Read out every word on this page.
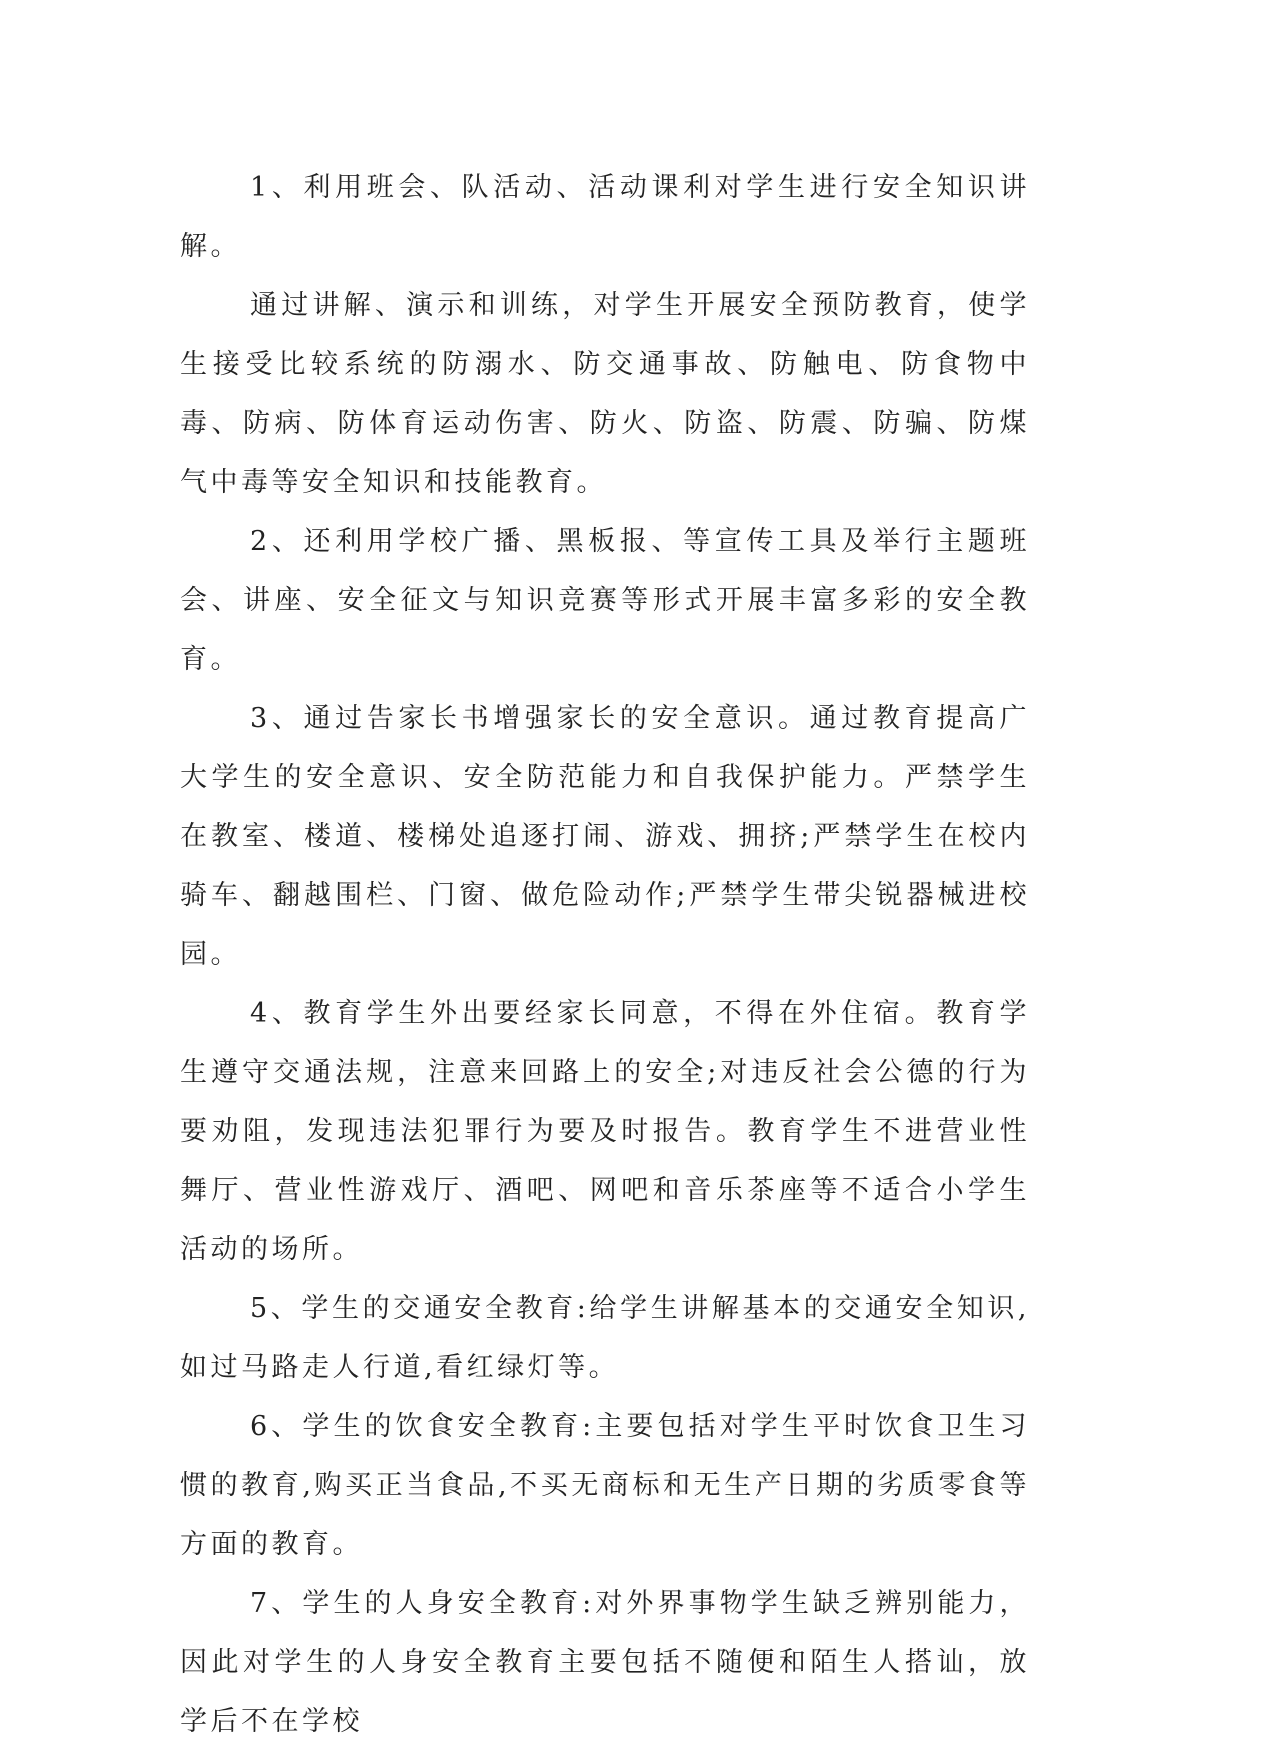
1、利用班会、队活动、活动课利对学生进行安全知识讲解。

通过讲解、演示和训练，对学生开展安全预防教育，使学生接受比较系统的防溺水、防交通事故、防触电、防食物中毒、防病、防体育运动伤害、防火、防盗、防震、防骗、防煤气中毒等安全知识和技能教育。

2、还利用学校广播、黑板报、等宣传工具及举行主题班会、讲座、安全征文与知识竞赛等形式开展丰富多彩的安全教育。

3、通过告家长书增强家长的安全意识。通过教育提高广大学生的安全意识、安全防范能力和自我保护能力。严禁学生在教室、楼道、楼梯处追逐打闹、游戏、拥挤;严禁学生在校内骑车、翻越围栏、门窗、做危险动作;严禁学生带尖锐器械进校园。

4、教育学生外出要经家长同意，不得在外住宿。教育学生遵守交通法规，注意来回路上的安全;对违反社会公德的行为要劝阻，发现违法犯罪行为要及时报告。教育学生不进营业性舞厅、营业性游戏厅、酒吧、网吧和音乐茶座等不适合小学生活动的场所。

5、学生的交通安全教育:给学生讲解基本的交通安全知识,如过马路走人行道,看红绿灯等。

6、学生的饮食安全教育:主要包括对学生平时饮食卫生习惯的教育,购买正当食品,不买无商标和无生产日期的劣质零食等方面的教育。

7、学生的人身安全教育:对外界事物学生缺乏辨别能力，因此对学生的人身安全教育主要包括不随便和陌生人搭讪，放学后不在学校
